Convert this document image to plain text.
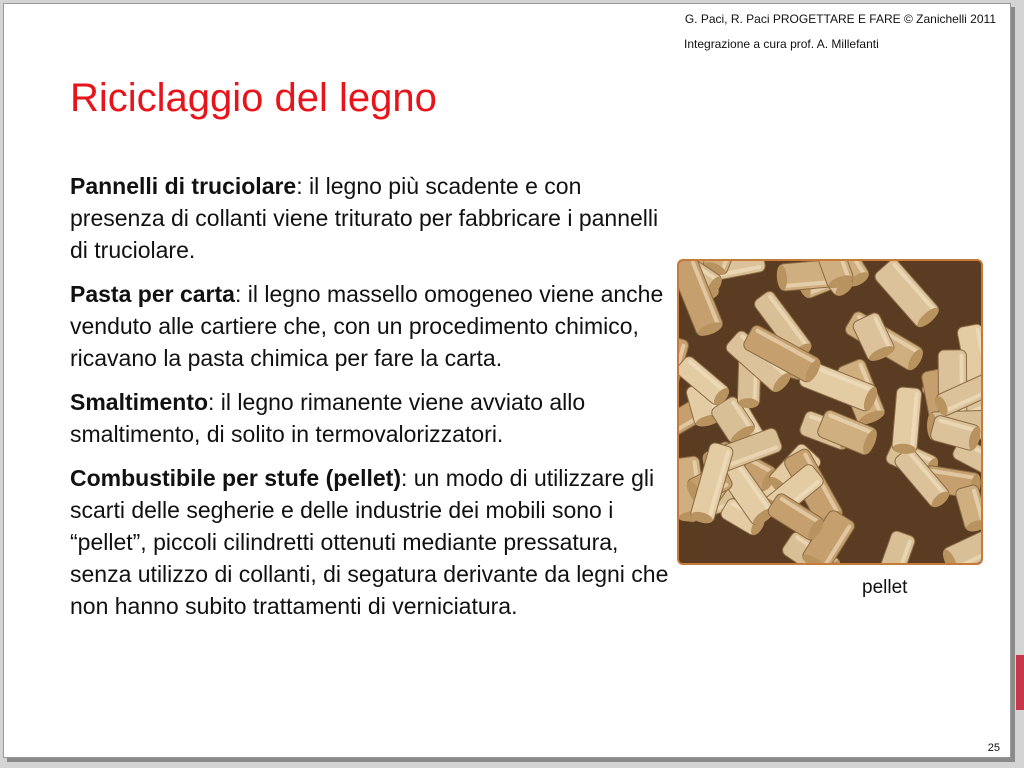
G. Paci, R. Paci PROGETTARE E FARE © Zanichelli 2011
Integrazione a cura prof. A. Millefanti
Riciclaggio del legno

Pannelli di truciolare: il legno più scadente e con presenza di collanti viene triturato per fabbricare i pannelli di truciolare.

Pasta per carta: il legno massello omogeneo viene anche venduto alle cartiere che, con un procedimento chimico, ricavano la pasta chimica per fare la carta.

Smaltimento: il legno rimanente viene avviato allo smaltimento, di solito in termovalorizzatori.

Combustibile per stufe (pellet): un modo di utilizzare gli scarti delle segherie e delle industrie dei mobili sono i “pellet”, piccoli cilindretti ottenuti mediante pressatura, senza utilizzo di collanti, di segatura derivante da legni che non hanno subito trattamenti di verniciatura.

pellet
25
